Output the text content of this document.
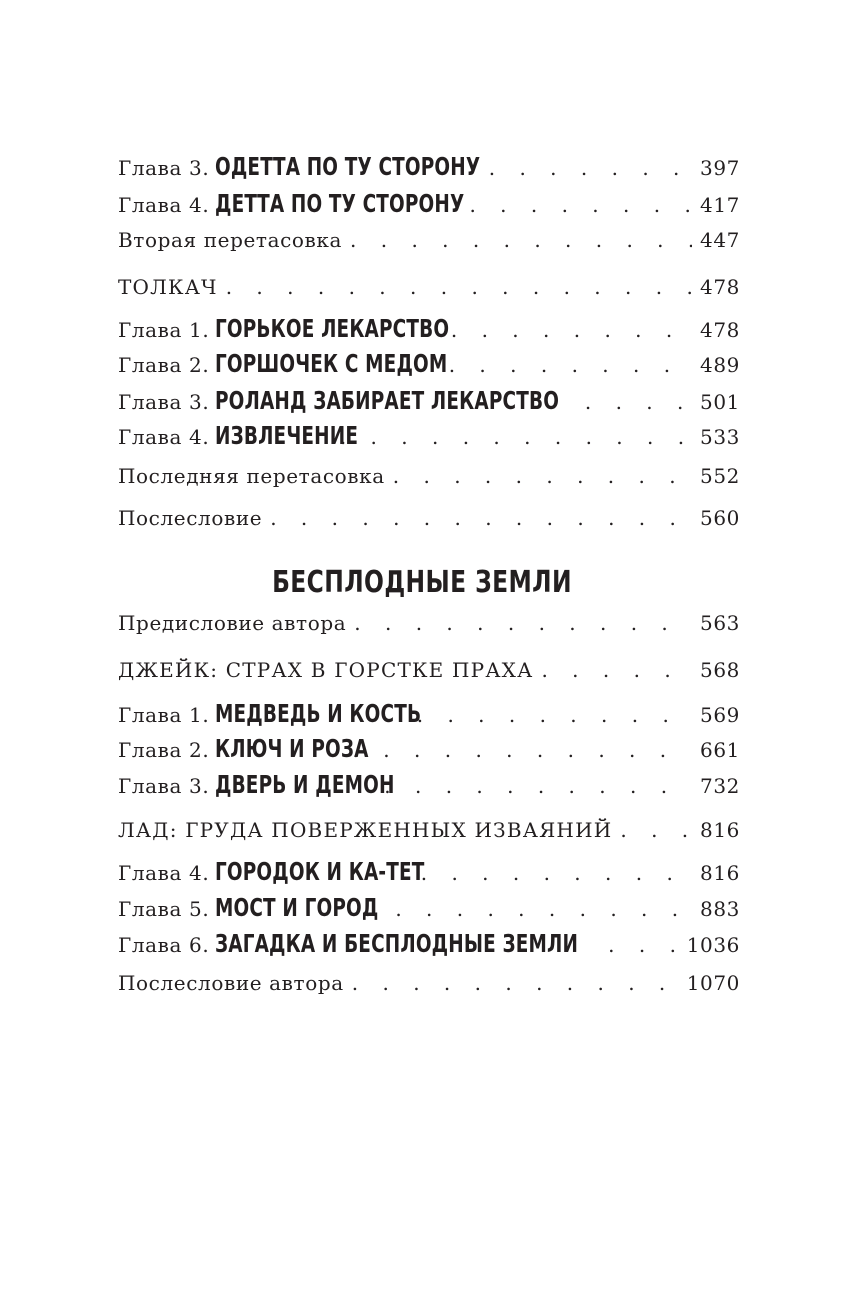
Глава 3. ОДЕТТА ПО ТУ СТОРОНУ . . .	397
Глава 4. ДЕТТА ПО ТУ СТОРОНУ . . .	417
Вторая перетасовка . . .	447
ТОЛКАЧ . . .	478
Глава 1. ГОРЬКОЕ ЛЕКАРСТВО . . .	478
Глава 2. ГОРШОЧЕК С МЕДОМ . . .	489
Глава 3. РОЛАНД ЗАБИРАЕТ ЛЕКАРСТВО . . .	501
Глава 4. ИЗВЛЕЧЕНИЕ . . .	533
Последняя перетасовка . . .	552
Послесловие . . .	560
Предисловие автора . . .	563
ДЖЕЙК: СТРАХ В ГОРСТКЕ ПРАХА . . .	568
Глава 1. МЕДВЕДЬ И КОСТЬ . . .	569
Глава 2. КЛЮЧ И РОЗА . . .	661
Глава 3. ДВЕРЬ И ДЕМОН . . .	732
ЛАД: ГРУДА ПОВЕРЖЕННЫХ ИЗВАЯНИЙ . . .	816
Глава 4. ГОРОДОК И КА-ТЕТ . . .	816
Глава 5. МОСТ И ГОРОД . . .	883
Глава 6. ЗАГАДКА И БЕСПЛОДНЫЕ ЗЕМЛИ . . .	1036
Послесловие автора . . .	1070
БЕСПЛОДНЫЕ ЗЕМЛИ
